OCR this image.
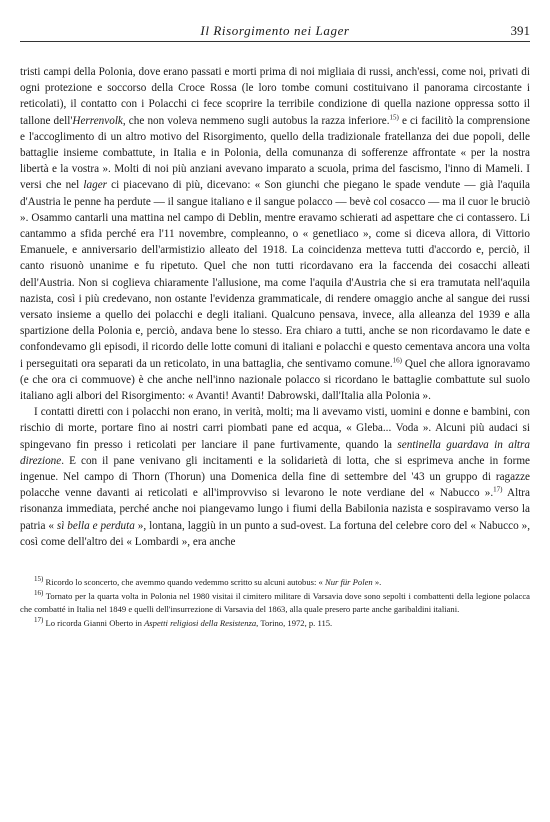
Il Risorgimento nei Lager	391

tristi campi della Polonia, dove erano passati e morti prima di noi migliaia di russi, anch'essi, come noi, privati di ogni protezione e soccorso della Croce Rossa (le loro tombe comuni costituivano il panorama circostante i reticolati), il contatto con i Polacchi ci fece scoprire la terribile condizione di quella nazione oppressa sotto il tallone dell'Herrenvolk, che non voleva nemmeno sugli autobus la razza inferiore.$^{15)}$ e ci facilitò la comprensione e l'accoglimento di un altro motivo del Risorgimento, quello della tradizionale fratellanza dei due popoli, delle battaglie insieme combattute, in Italia e in Polonia, della comunanza di sofferenze affrontate « per la nostra libertà e la vostra ». Molti di noi più anziani avevano imparato a scuola, prima del fascismo, l'inno di Mameli. I versi che nel lager ci piacevano di più, dicevano: « Son giunchi che piegano le spade vendute — già l'aquila d'Austria le penne ha perdute — il sangue italiano e il sangue polacco — bevè col cosacco — ma il cuor le bruciò ». Osammo cantarli una mattina nel campo di Deblin, mentre eravamo schierati ad aspettare che ci contassero. Li cantammo a sfida perché era l'11 novembre, compleanno, o « genetliaco », come si diceva allora, di Vittorio Emanuele, e anniversario dell'armistizio alleato del 1918. La coincidenza metteva tutti d'accordo e, perciò, il canto risuonò unanime e fu ripetuto. Quel che non tutti ricordavano era la faccenda dei cosacchi alleati dell'Austria. Non si coglieva chiaramente l'allusione, ma come l'aquila d'Austria che si era tramutata nell'aquila nazista, così i più credevano, non ostante l'evidenza grammaticale, di rendere omaggio anche al sangue dei russi versato insieme a quello dei polacchi e degli italiani. Qualcuno pensava, invece, alla alleanza del 1939 e alla spartizione della Polonia e, perciò, andava bene lo stesso. Era chiaro a tutti, anche se non ricordavamo le date e confondevamo gli episodi, il ricordo delle lotte comuni di italiani e polacchi e questo cementava ancora una volta i perseguitati ora separati da un reticolato, in una battaglia, che sentivamo comune.$^{16)}$ Quel che allora ignoravamo (e che ora ci commuove) è che anche nell'inno nazionale polacco si ricordano le battaglie combattute sul suolo italiano agli albori del Risorgimento: « Avanti! Avanti! Dabrowski, dall'Italia alla Polonia ».

I contatti diretti con i polacchi non erano, in verità, molti; ma li avevamo visti, uomini e donne e bambini, con rischio di morte, portare fino ai nostri carri piombati pane ed acqua, « Gleba... Voda ». Alcuni più audaci si spingevano fin presso i reticolati per lanciare il pane furtivamente, quando la sentinella guardava in altra direzione. E con il pane venivano gli incitamenti e la solidarietà di lotta, che si esprimeva anche in forme ingenue. Nel campo di Thorn (Thorun) una Domenica della fine di settembre del '43 un gruppo di ragazze polacche venne davanti ai reticolati e all'improvviso si levarono le note verdiane del « Nabucco ».$^{17)}$ Altra risonanza immediata, perché anche noi piangevamo lungo i fiumi della Babilonia nazista e sospiravamo verso la patria « sì bella e perduta », lontana, laggiù in un punto a sud-ovest. La fortuna del celebre coro del « Nabucco », così come dell'altro dei « Lombardi », era anche

$^{15)}$ Ricordo lo sconcerto, che avemmo quando vedemmo scritto su alcuni autobus: « Nur für Polen ».

$^{16)}$ Tornato per la quarta volta in Polonia nel 1980 visitai il cimitero militare di Varsavia dove sono sepolti i combattenti della legione polacca che combatté in Italia nel 1849 e quelli dell'insurrezione di Varsavia del 1863, alla quale presero parte anche garibaldini italiani.

$^{17)}$ Lo ricorda Gianni Oberto in Aspetti religiosi della Resistenza, Torino, 1972, p. 115.
